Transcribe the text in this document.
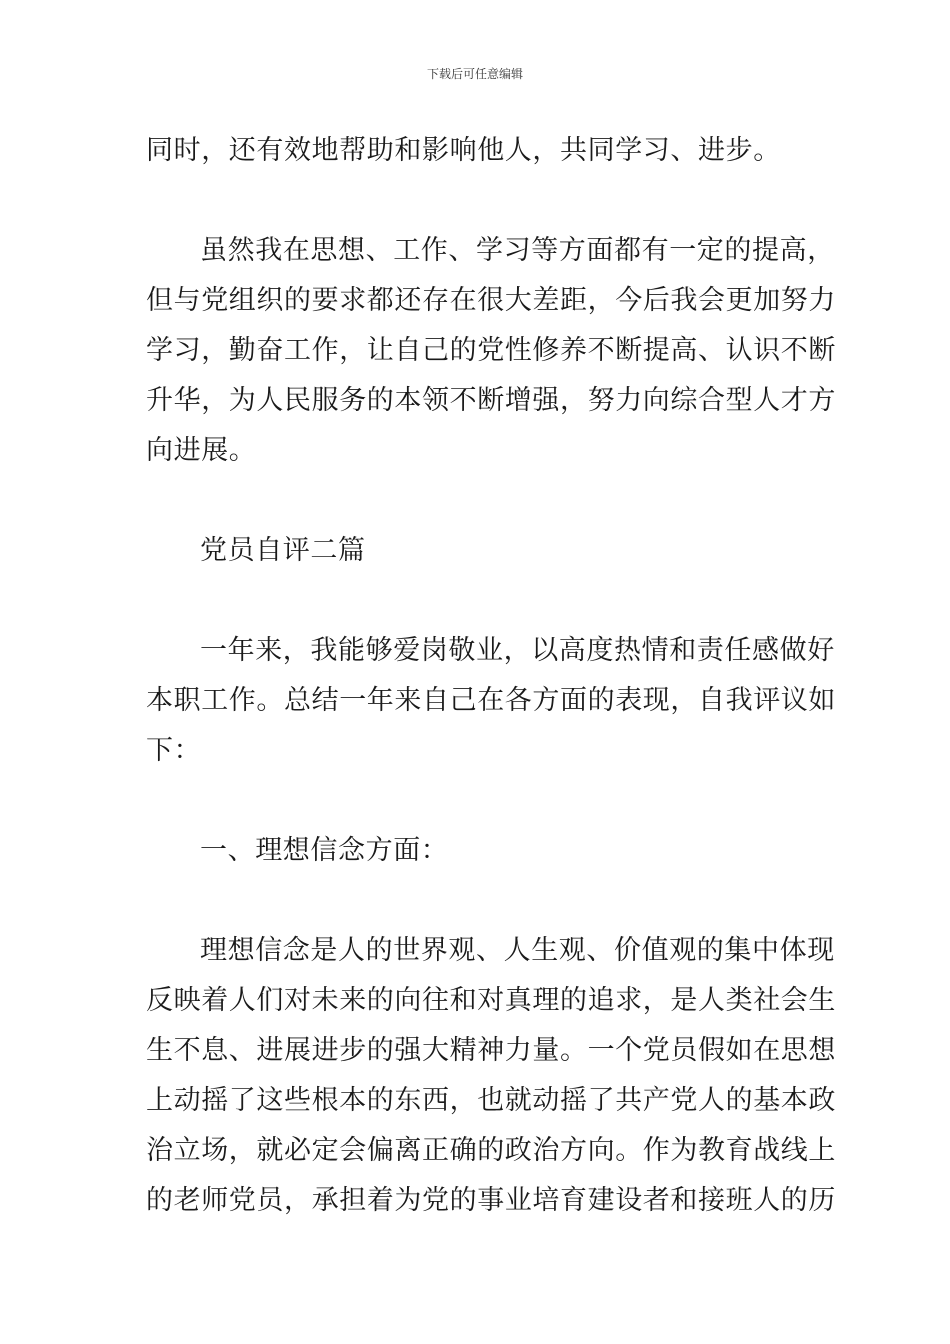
下载后可任意编辑
同时，还有效地帮助和影响他人，共同学习、进步。
虽然我在思想、工作、学习等方面都有一定的提高，
但与党组织的要求都还存在很大差距，今后我会更加努力
学习，勤奋工作，让自己的党性修养不断提高、认识不断
升华，为人民服务的本领不断增强，努力向综合型人才方
向进展。
党员自评二篇
一年来，我能够爱岗敬业，以高度热情和责任感做好
本职工作。总结一年来自己在各方面的表现，自我评议如
下：
一、理想信念方面：
理想信念是人的世界观、人生观、价值观的集中体现
反映着人们对未来的向往和对真理的追求，是人类社会生
生不息、进展进步的强大精神力量。一个党员假如在思想
上动摇了这些根本的东西，也就动摇了共产党人的基本政
治立场，就必定会偏离正确的政治方向。作为教育战线上
的老师党员，承担着为党的事业培育建设者和接班人的历
